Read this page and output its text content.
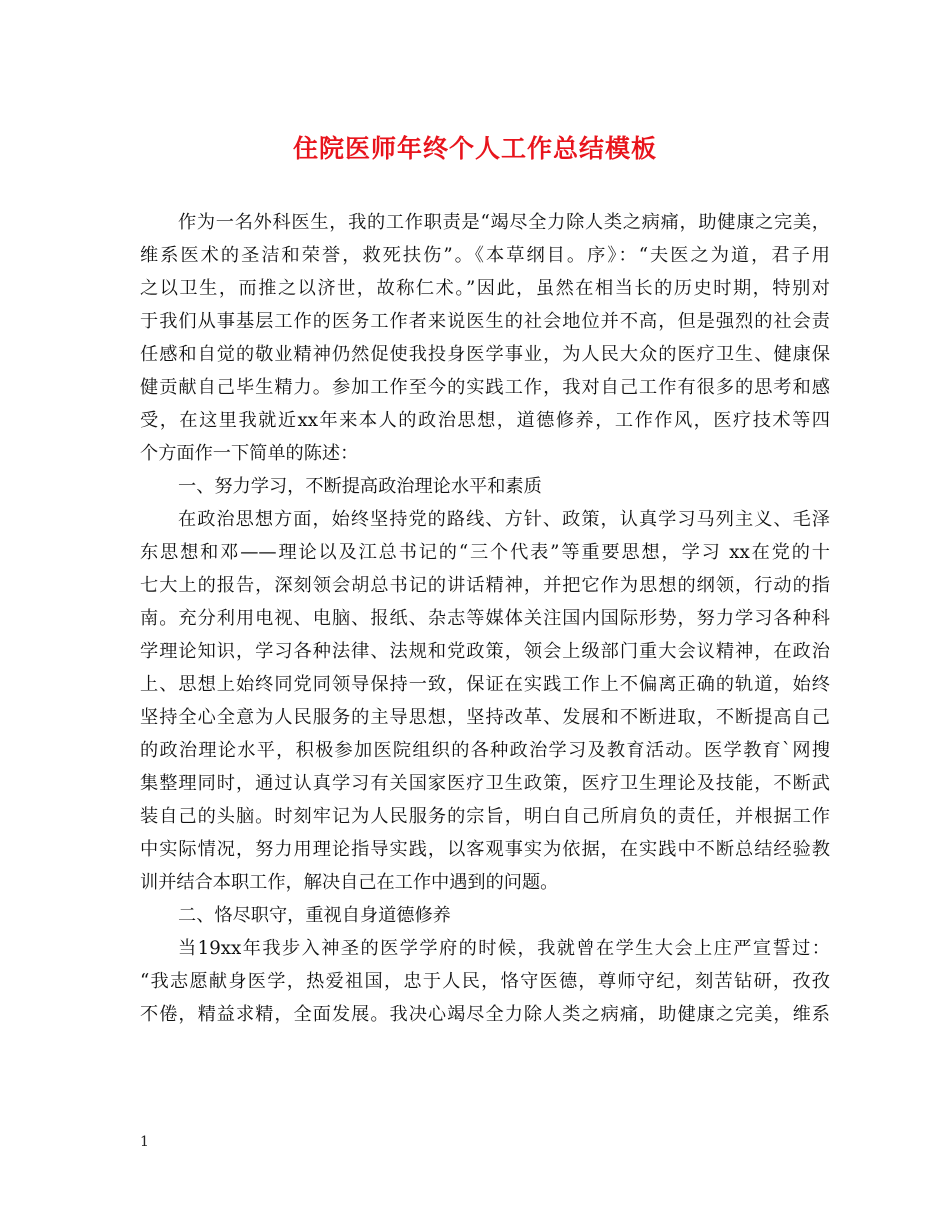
住院医师年终个人工作总结模板
作为一名外科医生，我的工作职责是“竭尽全力除人类之病痛，助健康之完美，
维系医术的圣洁和荣誉，救死扶伤”。《本草纲目。序》：“夫医之为道，君子用
之以卫生，而推之以济世，故称仁术。”因此，虽然在相当长的历史时期，特别对
于我们从事基层工作的医务工作者来说医生的社会地位并不高，但是强烈的社会责
任感和自觉的敬业精神仍然促使我投身医学事业，为人民大众的医疗卫生、健康保
健贡献自己毕生精力。参加工作至今的实践工作，我对自己工作有很多的思考和感
受，在这里我就近xx年来本人的政治思想，道德修养，工作作风，医疗技术等四
个方面作一下简单的陈述：
一、努力学习，不断提高政治理论水平和素质
在政治思想方面，始终坚持党的路线、方针、政策，认真学习马列主义、毛泽
东思想和邓——理论以及江总书记的“三个代表”等重要思想，学习 xx在党的十
七大上的报告，深刻领会胡总书记的讲话精神，并把它作为思想的纲领，行动的指
南。充分利用电视、电脑、报纸、杂志等媒体关注国内国际形势，努力学习各种科
学理论知识，学习各种法律、法规和党政策，领会上级部门重大会议精神，在政治
上、思想上始终同党同领导保持一致，保证在实践工作上不偏离正确的轨道，始终
坚持全心全意为人民服务的主导思想，坚持改革、发展和不断进取，不断提高自己
的政治理论水平，积极参加医院组织的各种政治学习及教育活动。医学教育`网搜
集整理同时，通过认真学习有关国家医疗卫生政策，医疗卫生理论及技能，不断武
装自己的头脑。时刻牢记为人民服务的宗旨，明白自己所肩负的责任，并根据工作
中实际情况，努力用理论指导实践，以客观事实为依据，在实践中不断总结经验教
训并结合本职工作，解决自己在工作中遇到的问题。
二、恪尽职守，重视自身道德修养
当19xx年我步入神圣的医学学府的时候，我就曾在学生大会上庄严宣誓过：
“我志愿献身医学，热爱祖国，忠于人民，恪守医德，尊师守纪，刻苦钻研，孜孜
不倦，精益求精，全面发展。我决心竭尽全力除人类之病痛，助健康之完美，维系
1
